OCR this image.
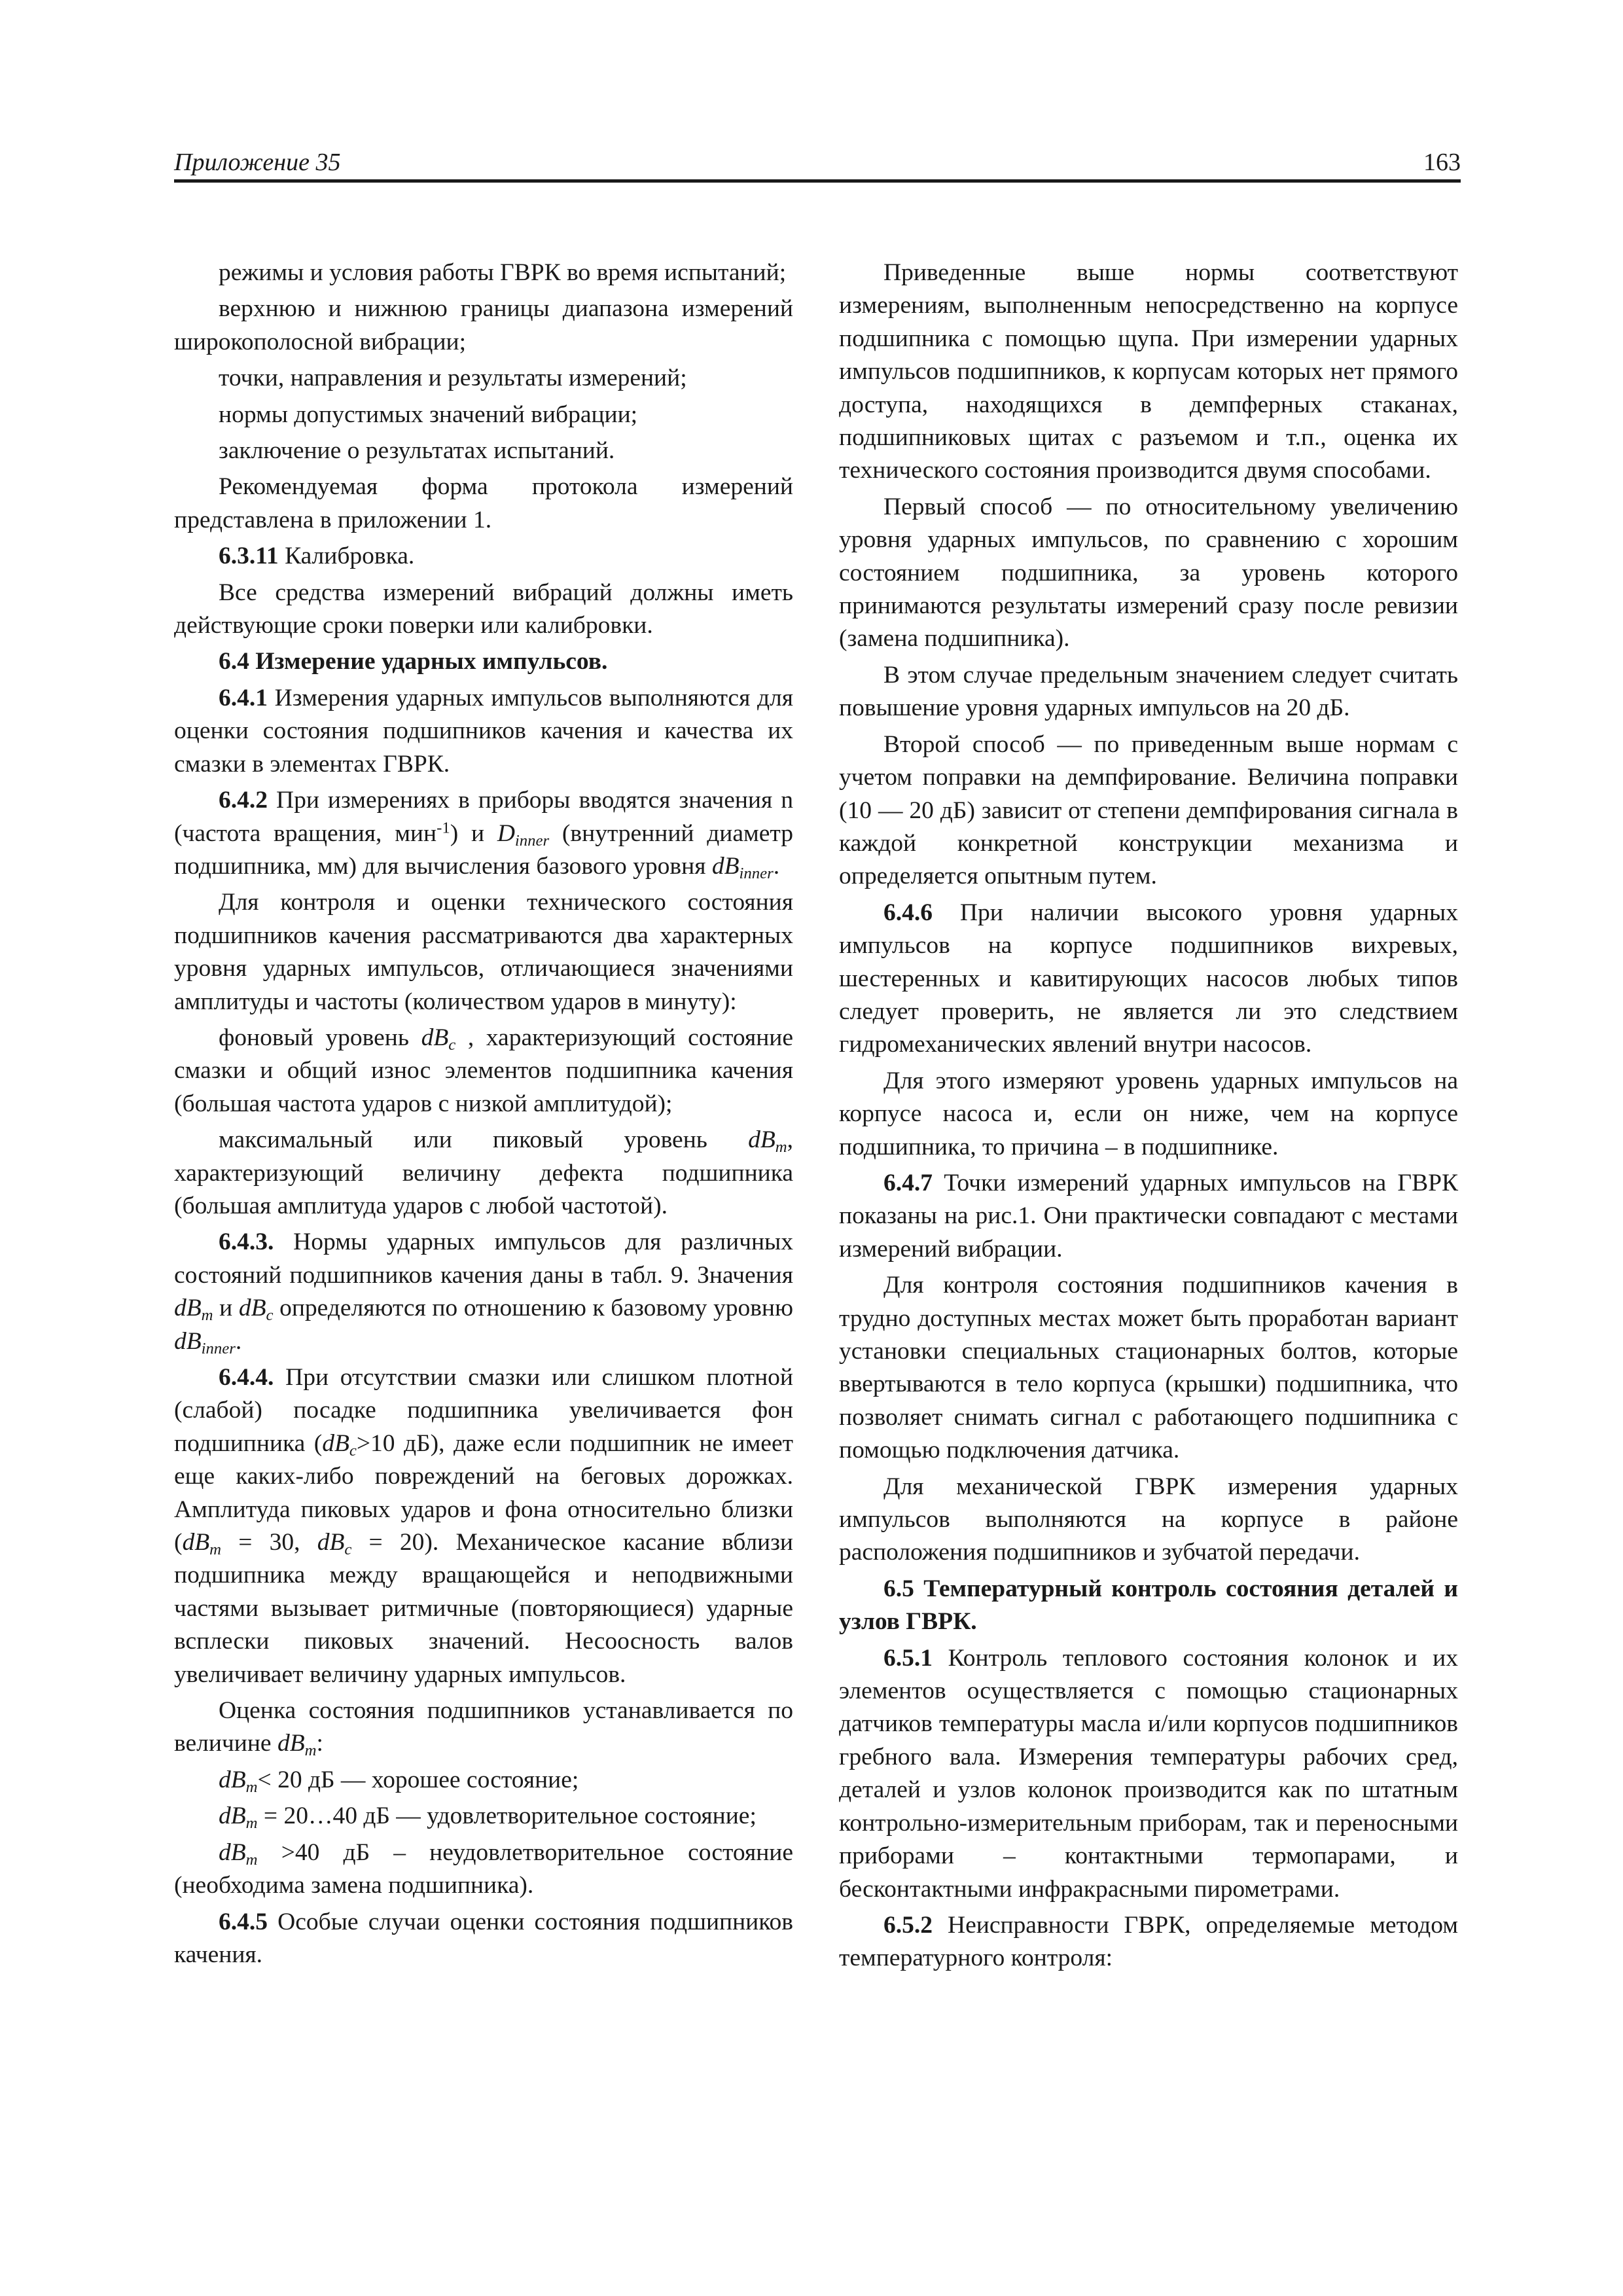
Приложение 35	163

режимы и условия работы ГВРК во время испытаний;

верхнюю и нижнюю границы диапазона измерений широкополосной вибрации;

точки, направления и результаты измерений;

нормы допустимых значений вибрации;

заключение о результатах испытаний.

Рекомендуемая форма протокола измерений представлена в приложении 1.

6.3.11 Калибровка.

Все средства измерений вибраций должны иметь действующие сроки поверки или калибровки.

6.4 Измерение ударных импульсов.

6.4.1 Измерения ударных импульсов выполняются для оценки состояния подшипников качения и качества их смазки в элементах ГВРК.

6.4.2 При измерениях в приборы вводятся значения n (частота вращения, мин$^{-1}$) и $D_{inner}$ (внутренний диаметр подшипника, мм) для вычисления базового уровня $dB_{inner}$.

Для контроля и оценки технического состояния подшипников качения рассматриваются два характерных уровня ударных импульсов, отличающиеся значениями амплитуды и частоты (количеством ударов в минуту):

фоновый уровень $dB_c$ , характеризующий состояние смазки и общий износ элементов подшипника качения (большая частота ударов с низкой амплитудой);

максимальный или пиковый уровень $dB_m$, характеризующий величину дефекта подшипника (большая амплитуда ударов с любой частотой).

6.4.3. Нормы ударных импульсов для различных состояний подшипников качения даны в табл. 9. Значения $dB_m$ и $dB_c$ определяются по отношению к базовому уровню $dB_{inner}$.

6.4.4. При отсутствии смазки или слишком плотной (слабой) посадке подшипника увеличивается фон подшипника ($dB_c>10$ дБ), даже если подшипник не имеет еще каких-либо повреждений на беговых дорожках. Амплитуда пиковых ударов и фона относительно близки ($dB_m = 30$, $dB_c = 20$). Механическое касание вблизи подшипника между вращающейся и неподвижными частями вызывает ритмичные (повторяющиеся) ударные всплески пиковых значений. Несоосность валов увеличивает величину ударных импульсов.

Оценка состояния подшипников устанавливается по величине $dB_m$:

$dB_m< 20$ дБ — хорошее состояние;

$dB_m$ = 20…40 дБ — удовлетворительное состояние;

$dB_m >40$ дБ – неудовлетворительное состояние (необходима замена подшипника).

6.4.5 Особые случаи оценки состояния подшипников качения.

Приведенные выше нормы соответствуют измерениям, выполненным непосредственно на корпусе подшипника с помощью щупа. При измерении ударных импульсов подшипников, к корпусам которых нет прямого доступа, находящихся в демпферных стаканах, подшипниковых щитах с разъемом и т.п., оценка их технического состояния производится двумя способами.

Первый способ — по относительному увеличению уровня ударных импульсов, по сравнению с хорошим состоянием подшипника, за уровень которого принимаются результаты измерений сразу после ревизии (замена подшипника).

В этом случае предельным значением следует считать повышение уровня ударных импульсов на 20 дБ.

Второй способ — по приведенным выше нормам с учетом поправки на демпфирование. Величина поправки (10 — 20 дБ) зависит от степени демпфирования сигнала в каждой конкретной конструкции механизма и определяется опытным путем.

6.4.6 При наличии высокого уровня ударных импульсов на корпусе подшипников вихревых, шестеренных и кавитирующих насосов любых типов следует проверить, не является ли это следствием гидромеханических явлений внутри насосов.

Для этого измеряют уровень ударных импульсов на корпусе насоса и, если он ниже, чем на корпусе подшипника, то причина – в подшипнике.

6.4.7 Точки измерений ударных импульсов на ГВРК показаны на рис.1. Они практически совпадают с местами измерений вибрации.

Для контроля состояния подшипников качения в трудно доступных местах может быть проработан вариант установки специальных стационарных болтов, которые ввертываются в тело корпуса (крышки) подшипника, что позволяет снимать сигнал с работающего подшипника с помощью подключения датчика.

Для механической ГВРК измерения ударных импульсов выполняются на корпусе в районе расположения подшипников и зубчатой передачи.

6.5 Температурный контроль состояния деталей и узлов ГВРК.

6.5.1 Контроль теплового состояния колонок и их элементов осуществляется с помощью стационарных датчиков температуры масла и/или корпусов подшипников гребного вала. Измерения температуры рабочих сред, деталей и узлов колонок производится как по штатным контрольно-измерительным приборам, так и переносными приборами – контактными термопарами, и бесконтактными инфракрасными пирометрами.

6.5.2 Неисправности ГВРК, определяемые методом температурного контроля:
